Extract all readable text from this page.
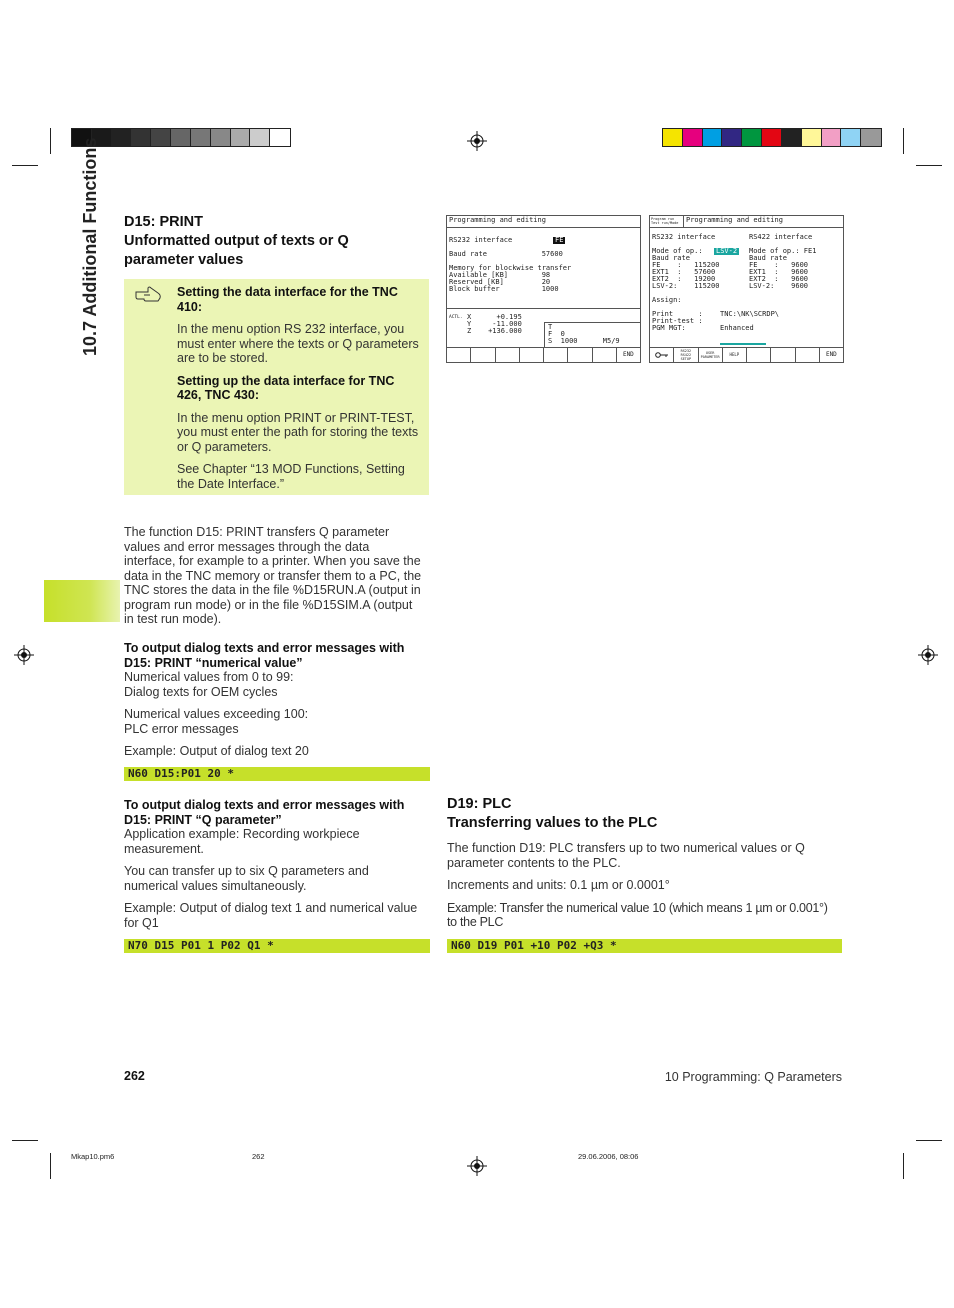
10.7 Additional Functions D15: PRINT
Unformatted output of texts or Q
parameter values

Setting the data interface for the TNC 410:

In the menu option RS 232 interface, you must enter where the texts or Q parameters are to be stored.

Setting up the data interface for TNC 426, TNC 430:

In the menu option PRINT or PRINT-TEST, you must enter the path for storing the texts or Q parameters.

See Chapter “13 MOD Functions, Setting the Date Interface.”

The function D15: PRINT transfers Q parameter values and error messages through the data interface, for example to a printer. When you save the data in the TNC memory or transfer them to a PC, the TNC stores the data in the file %D15RUN.A (output in program run mode) or in the file %D15SIM.A (output in test run mode).

To output dialog texts and error messages with D15: PRINT “numerical value”

Numerical values from 0 to 99:

Dialog texts for OEM cycles

Numerical values exceeding 100:

PLC error messages

Example: Output of dialog text 20

N60 D15:P01 20 *

To output dialog texts and error messages with D15: PRINT “Q parameter”

Application example: Recording workpiece measurement.

You can transfer up to six Q parameters and numerical values simultaneously.

Example: Output of dialog text 1 and numerical value for Q1

N70 D15 P01 1 P02 Q1 *
Programming and editing
RS232 interface

Baud rate             57600

Memory for blockwise transfer
Available [KB]        98
Reserved [KB]         20
Block buffer          1000
FE
ACTL. X      +0.195
Y     -11.000
Z    +136.000	T
F  0
S  1000      M5/9
END
Program run
Test run/Mode Programming and editing
RS232 interface

Mode of op.:
Baud rate
FE    :   115200
EXT1  :   57600
EXT2  :   19200
LSV-2:    115200

Assign:

Print      :
Print-test :
PGM MGT:
LSV-2
RS422 interface

Mode of op.: FE1
Baud rate
FE    :   9600
EXT1  :   9600
EXT2  :   9600
LSV-2:    9600
TNC:\NK\SCRDP\
Enhanced
RS232
RS422
SETUP
USER
PARAMETER	HELP	END
D19: PLC
Transferring values to the PLC

The function D19: PLC transfers up to two numerical values or Q parameter contents to the PLC.

Increments and units: 0.1 µm or 0.0001°

Example: Transfer the numerical value 10 (which means 1 µm or 0.001°) to the PLC

N60 D19 P01 +10 P02 +Q3 *
262	10 Programming: Q Parameters
Mkap10.pm6	262	29.06.2006, 08:06
